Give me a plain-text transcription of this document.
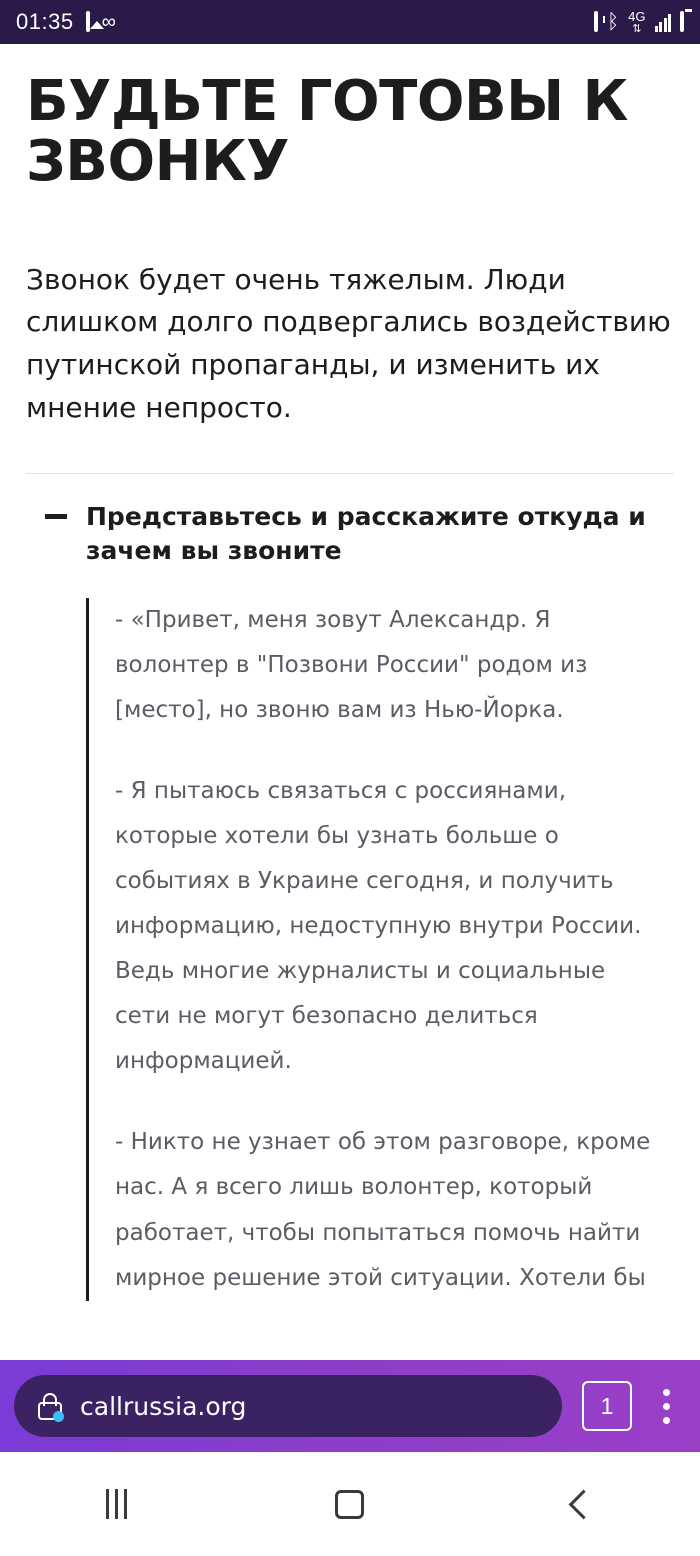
01:35 ∞	ᛒ 4G
⇅
БУДЬТЕ ГОТОВЫ К ЗВОНКУ

Звонок будет очень тяжелым. Люди слишком долго подвергались воздействию путинской пропаганды, и изменить их мнение непросто.

Представьтесь и расскажите откуда и зачем вы звоните

- «Привет, меня зовут Александр. Я волонтер в "Позвони России" родом из [место], но звоню вам из Нью-Йорка.

- Я пытаюсь связаться с россиянами, которые хотели бы узнать больше о событиях в Украине сегодня, и получить информацию, недоступную внутри России. Ведь многие журналисты и социальные сети не могут безопасно делиться информацией.

- Никто не узнает об этом разговоре, кроме нас. А я всего лишь волонтер, который работает, чтобы попытаться помочь найти мирное решение этой ситуации. Хотели бы

callrussia.org	1
